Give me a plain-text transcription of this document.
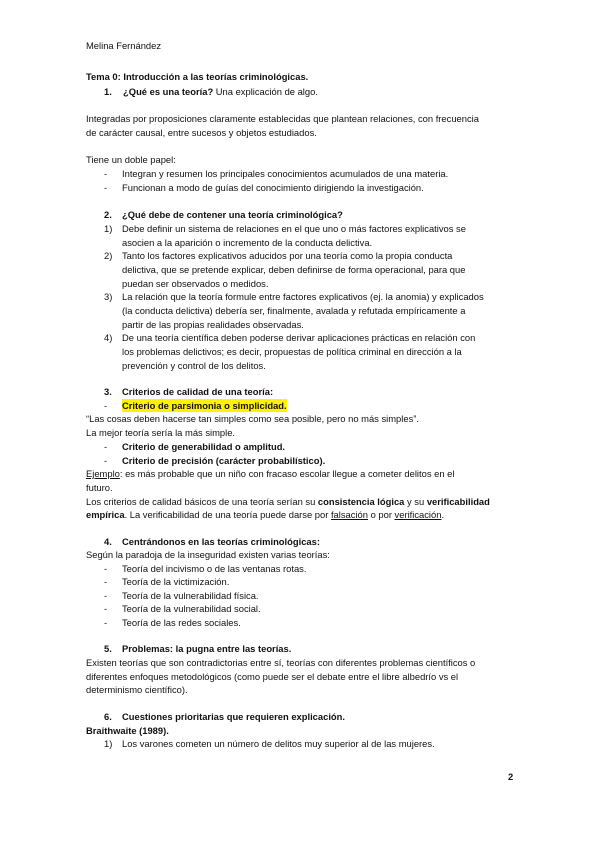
Melina Fernández
Tema 0: Introducción a las teorías criminológicas.
1. ¿Qué es una teoría? Una explicación de algo.
Integradas por proposiciones claramente establecidas que plantean relaciones, con frecuencia
de carácter causal, entre sucesos y objetos estudiados.
Tiene un doble papel:
- Integran y resumen los principales conocimientos acumulados de una materia.
- Funcionan a modo de guías del conocimiento dirigiendo la investigación.
2. ¿Qué debe de contener una teoría criminológica?
1) Debe definir un sistema de relaciones en el que uno o más factores explicativos se
asocien a la aparición o incremento de la conducta delictiva.
2) Tanto los factores explicativos aducidos por una teoría como la propia conducta
delictiva, que se pretende explicar, deben definirse de forma operacional, para que
puedan ser observados o medidos.
3) La relación que la teoría formule entre factores explicativos (ej. la anomia) y explicados
(la conducta delictiva) debería ser, finalmente, avalada y refutada empíricamente a
partir de las propias realidades observadas.
4) De una teoría científica deben poderse derivar aplicaciones prácticas en relación con
los problemas delictivos; es decir, propuestas de política criminal en dirección a la
prevención y control de los delitos.
3. Criterios de calidad de una teoría:
- Criterio de parsimonia o simplicidad.
“Las cosas deben hacerse tan simples como sea posible, pero no más simples”.
La mejor teoría sería la más simple.
- Criterio de generabilidad o amplitud.
- Criterio de precisión (carácter probabilístico).
Ejemplo: es más probable que un niño con fracaso escolar llegue a cometer delitos en el
futuro.
Los criterios de calidad básicos de una teoría serían su consistencia lógica y su verificabilidad
empírica. La verificabilidad de una teoría puede darse por falsación o por verificación.
4. Centrándonos en las teorías criminológicas:
Según la paradoja de la inseguridad existen varias teorías:
- Teoría del incivismo o de las ventanas rotas.
- Teoría de la victimización.
- Teoría de la vulnerabilidad física.
- Teoría de la vulnerabilidad social.
- Teoría de las redes sociales.
5. Problemas: la pugna entre las teorías.
Existen teorías que son contradictorias entre sí, teorías con diferentes problemas científicos o
diferentes enfoques metodológicos (como puede ser el debate entre el libre albedrío vs el
determinismo científico).
6. Cuestiones prioritarias que requieren explicación.
Braithwaite (1989).
1) Los varones cometen un número de delitos muy superior al de las mujeres.
2
